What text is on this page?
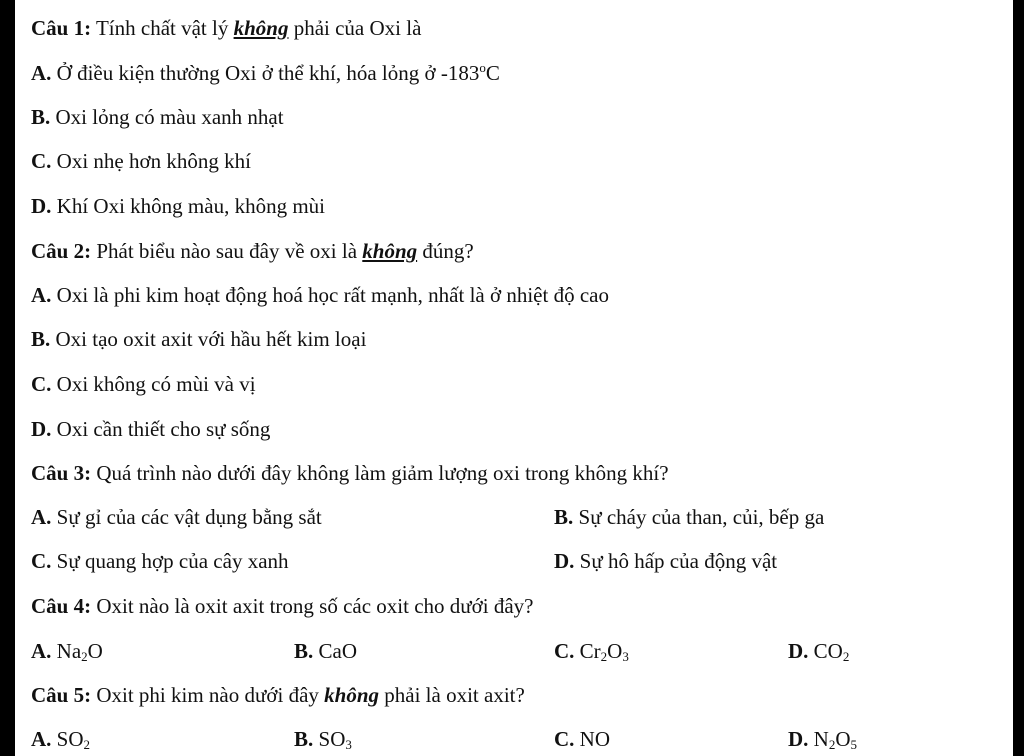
Câu 1: Tính chất vật lý không phải của Oxi là
A. Ở điều kiện thường Oxi ở thể khí, hóa lỏng ở -183$^o$C
B. Oxi lỏng có màu xanh nhạt
C. Oxi nhẹ hơn không khí
D. Khí Oxi không màu, không mùi
Câu 2: Phát biểu nào sau đây về oxi là không đúng?
A. Oxi là phi kim hoạt động hoá học rất mạnh, nhất là ở nhiệt độ cao
B. Oxi tạo oxit axit với hầu hết kim loại
C. Oxi không có mùi và vị
D. Oxi cần thiết cho sự sống
Câu 3: Quá trình nào dưới đây không làm giảm lượng oxi trong không khí?
A. Sự gỉ của các vật dụng bằng sắt	B. Sự cháy của than, củi, bếp ga
C. Sự quang hợp của cây xanh	D. Sự hô hấp của động vật
Câu 4: Oxit nào là oxit axit trong số các oxit cho dưới đây?
A. $Na_2O$	B. CaO	C. $Cr_2O_3$	D. $CO_2$
Câu 5: Oxit phi kim nào dưới đây không phải là oxit axit?
A. $SO_2$	B. $SO_3$	C. NO	D. $N_2O_5$
